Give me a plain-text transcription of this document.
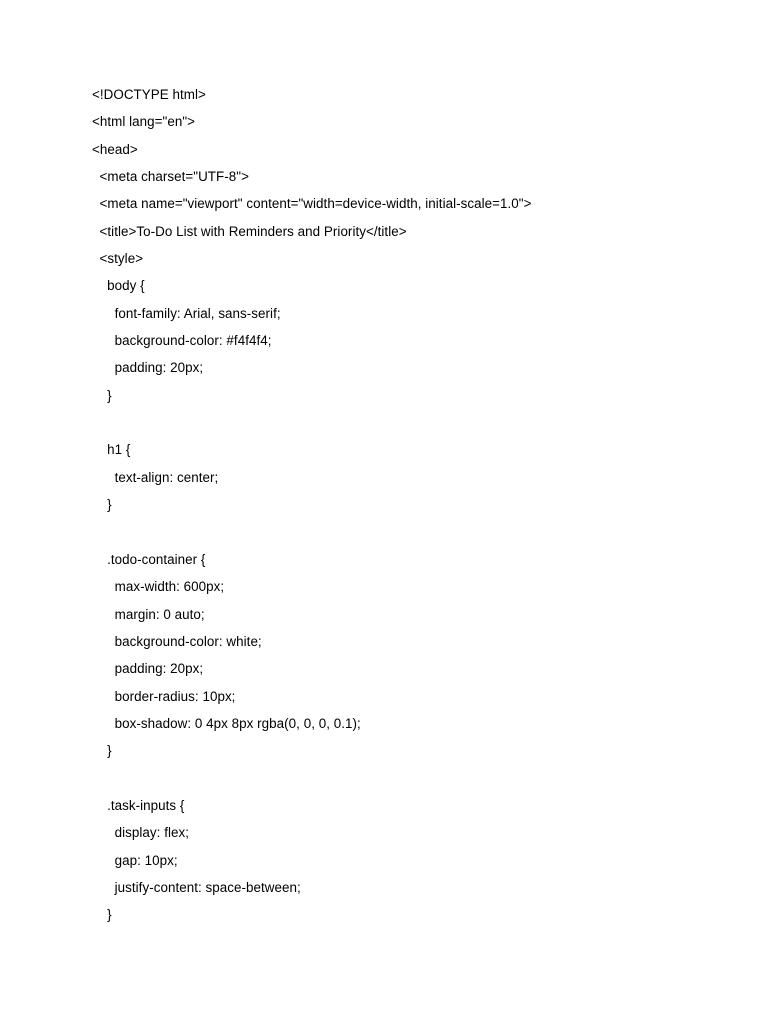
<!DOCTYPE html>
<html lang="en">
<head>
<meta charset="UTF-8">
<meta name="viewport" content="width=device-width, initial-scale=1.0">
<title>To-Do List with Reminders and Priority</title>
<style>
body {
font-family: Arial, sans-serif;
background-color: #f4f4f4;
padding: 20px;
}
h1 {
text-align: center;
}
.todo-container {
max-width: 600px;
margin: 0 auto;
background-color: white;
padding: 20px;
border-radius: 10px;
box-shadow: 0 4px 8px rgba(0, 0, 0, 0.1);
}
.task-inputs {
display: flex;
gap: 10px;
justify-content: space-between;
}
